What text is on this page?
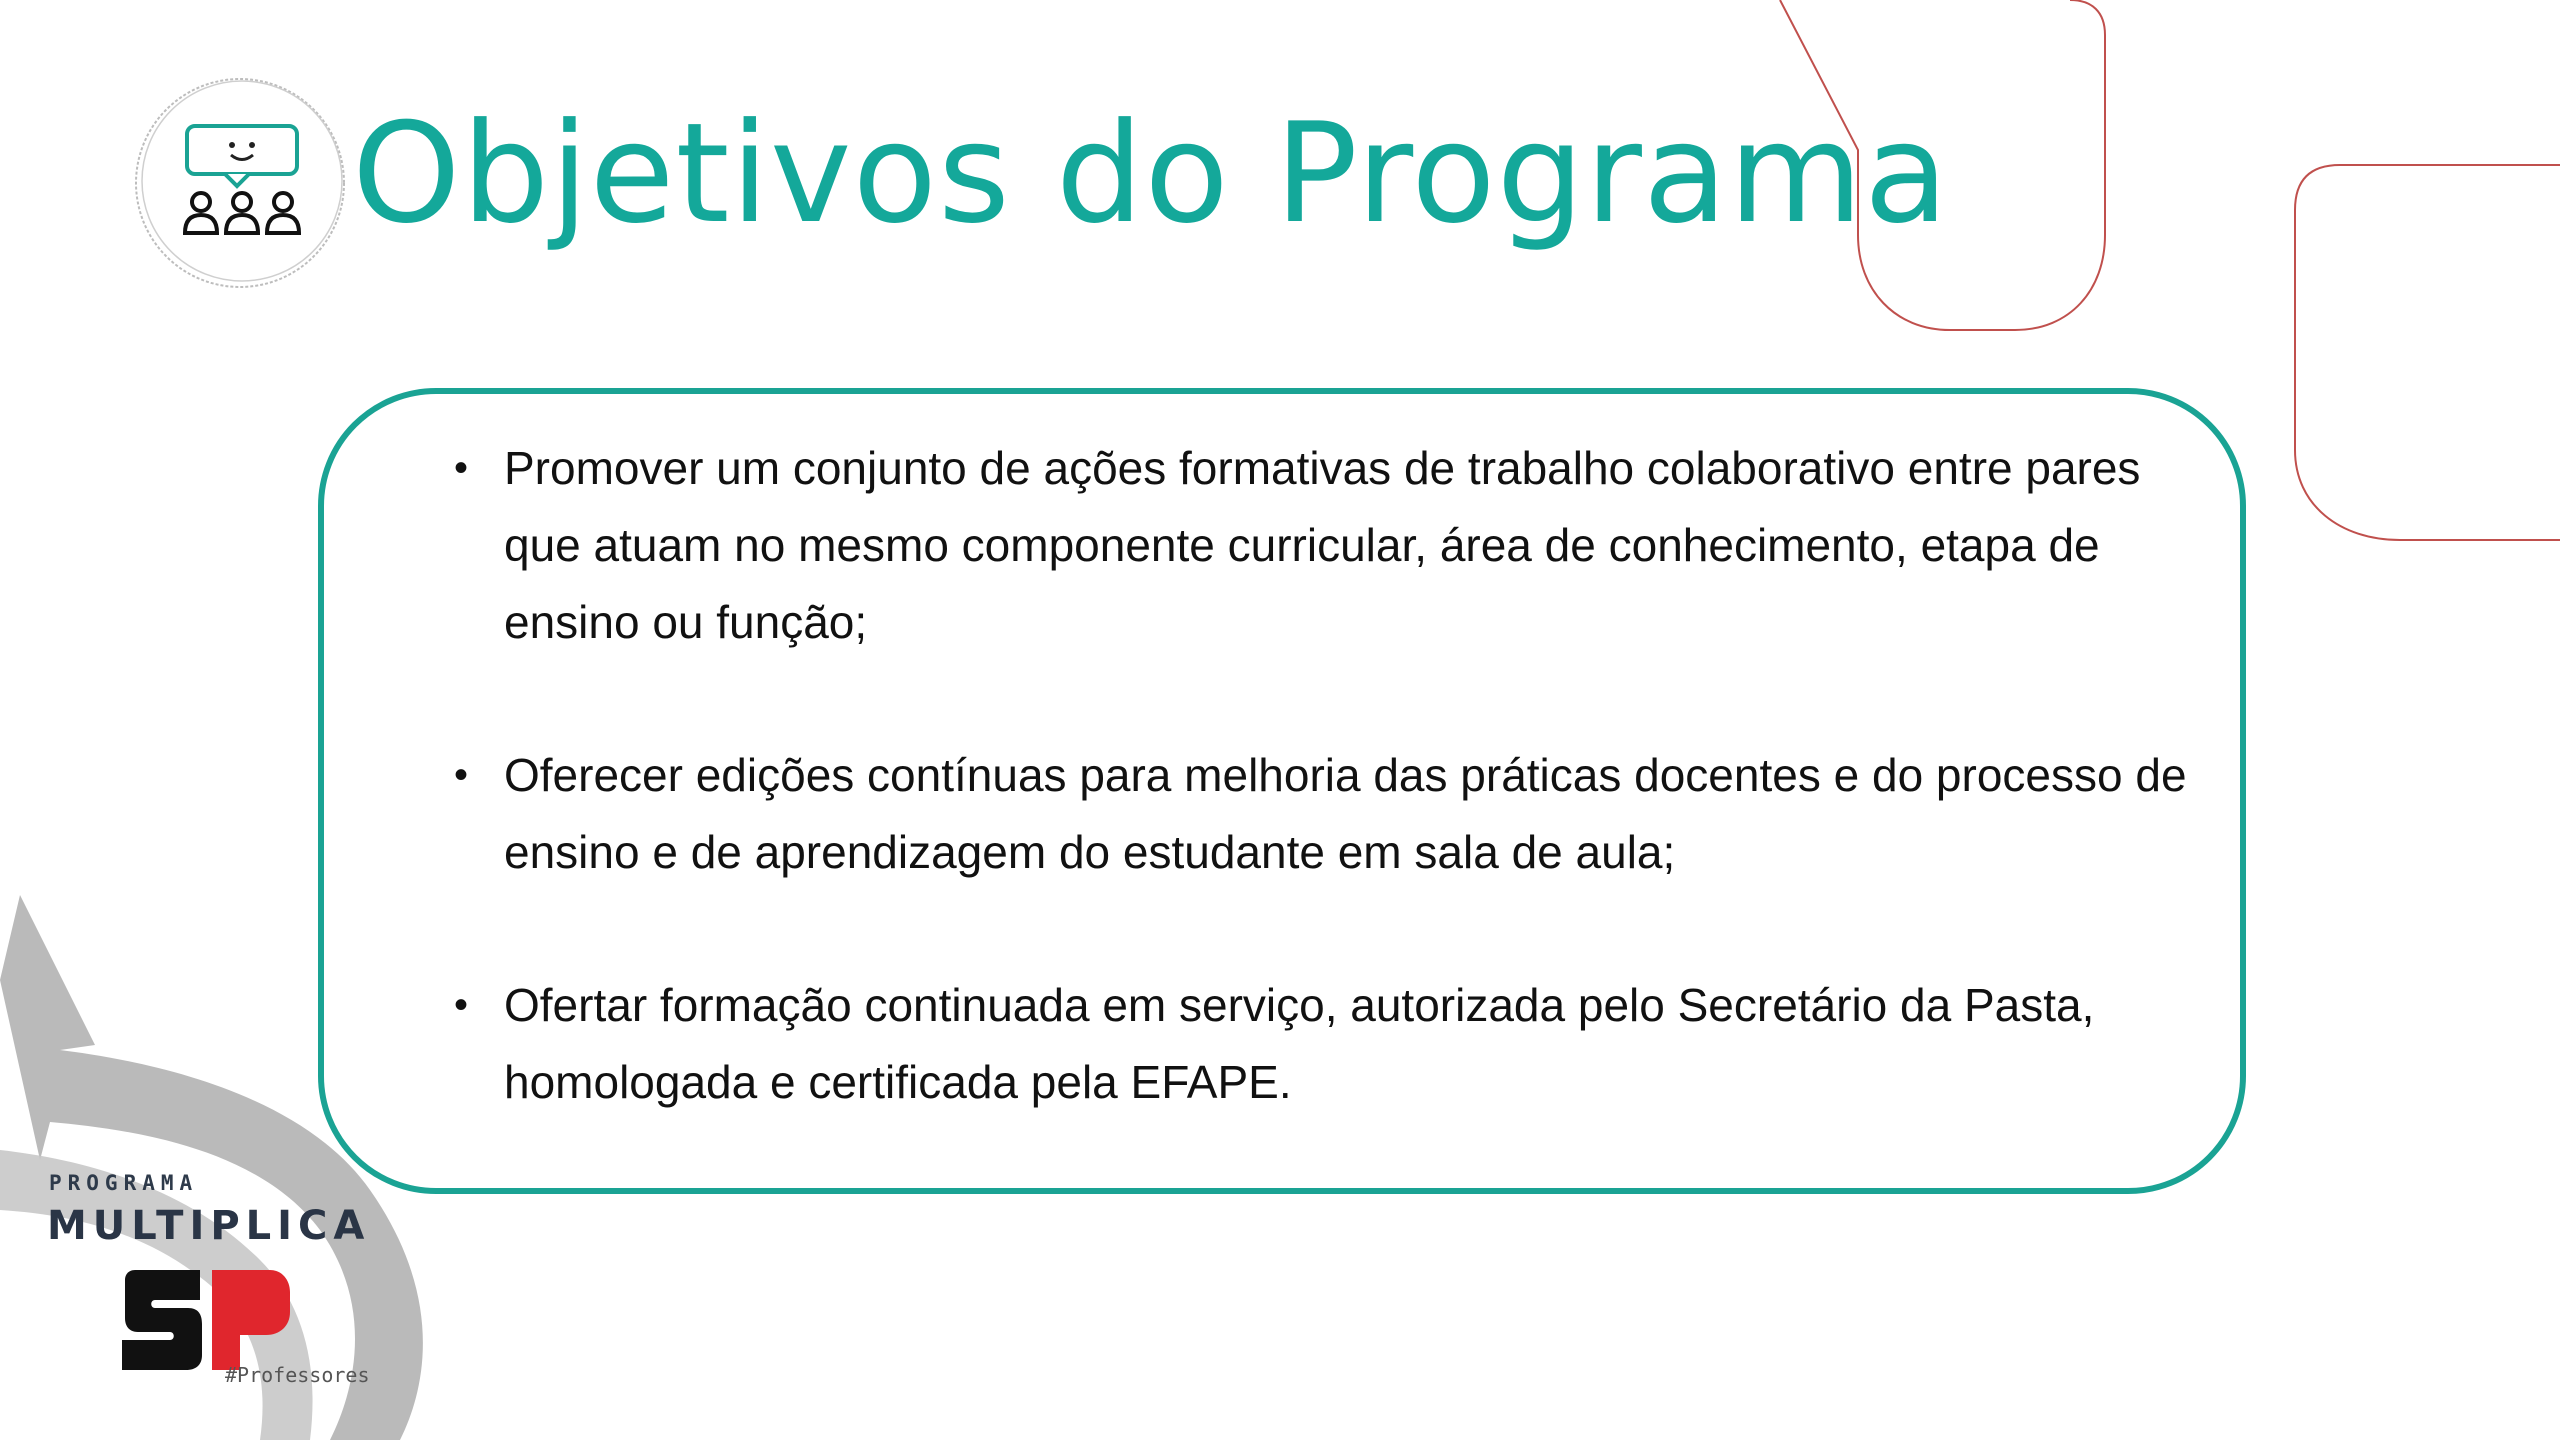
Objetivos do Programa
• Promover um conjunto de ações formativas de trabalho colaborativo entre pares que atuam no mesmo componente curricular, área de conhecimento, etapa de ensino ou função;
• Oferecer edições contínuas para melhoria das práticas docentes e do processo de ensino e de aprendizagem do estudante em sala de aula;
• Ofertar formação continuada em serviço, autorizada pelo Secretário da Pasta, homologada e certificada pela EFAPE.
PROGRAMA
MULTIPLICA
#Professores
